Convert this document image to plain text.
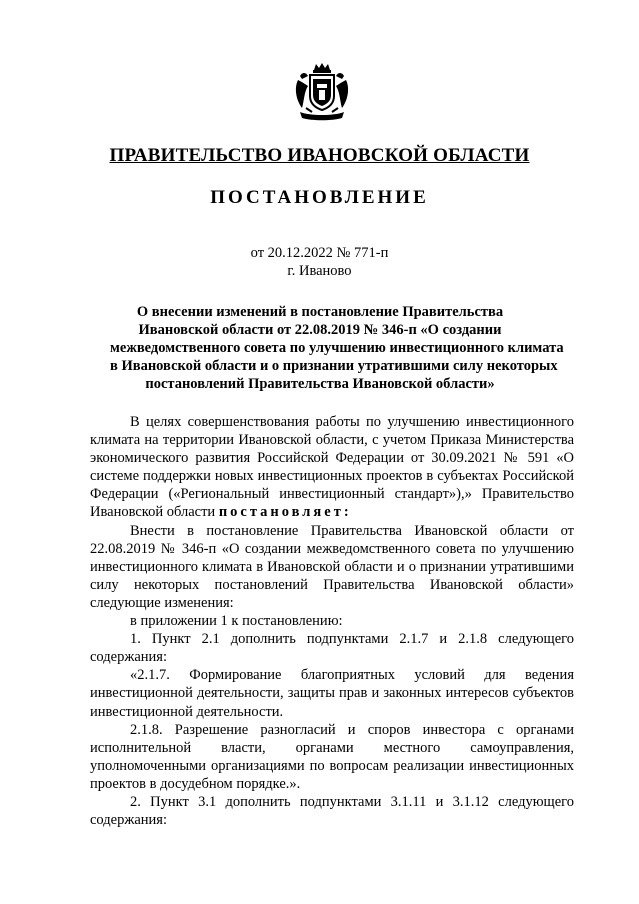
ПРАВИТЕЛЬСТВО ИВАНОВСКОЙ ОБЛАСТИ
ПОСТАНОВЛЕНИЕ
от 20.12.2022 № 771-п
г. Иваново
О внесении изменений в постановление Правительства
Ивановской области от 22.08.2019 № 346-п «О создании
межведомственного совета по улучшению инвестиционного климата
в Ивановской области и о признании утратившими силу некоторых
постановлений Правительства Ивановской области»

В целях совершенствования работы по улучшению инвестиционного климата на территории Ивановской области, с учетом Приказа Министерства экономического развития Российской Федерации от 30.09.2021 № 591 «О системе поддержки новых инвестиционных проектов в субъектах Российской Федерации («Региональный инвестиционный стандарт»),» Правительство Ивановской области постановляет:

Внести в постановление Правительства Ивановской области от 22.08.2019 № 346-п «О создании межведомственного совета по улучшению инвестиционного климата в Ивановской области и о признании утратившими силу некоторых постановлений Правительства Ивановской области» следующие изменения:

в приложении 1 к постановлению:

1. Пункт 2.1 дополнить подпунктами 2.1.7 и 2.1.8 следующего содержания:

«2.1.7. Формирование благоприятных условий для ведения инвестиционной деятельности, защиты прав и законных интересов субъектов инвестиционной деятельности.

2.1.8. Разрешение разногласий и споров инвестора с органами исполнительной власти, органами местного самоуправления, уполномоченными организациями по вопросам реализации инвестиционных проектов в досудебном порядке.».

2. Пункт 3.1 дополнить подпунктами 3.1.11 и 3.1.12 следующего содержания:
